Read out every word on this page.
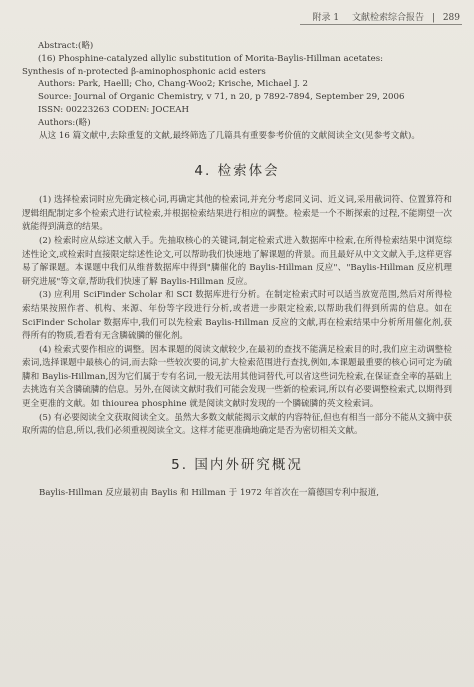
附录 1 文献检索综合报告 | 289
Abstract:(略)
(16) Phosphine-catalyzed allylic substitution of Morita-Baylis-Hillman acetates:
Synthesis of n-protected β-aminophosphonic acid esters
Authors: Park, Haelll; Cho, Chang-Woo2; Krische, Michael J. 2
Source: Journal of Organic Chemistry, v 71, n 20, p 7892-7894, September 29, 2006
ISSN: 00223263 CODEN: JOCEAH
Authors:(略)

从这 16 篇文献中,去除重复的文献,最终筛选了几篇具有重要参考价值的文献阅读全文(见参考文献)。

4. 检索体会

(1) 选择检索词时应先确定核心词,再确定其他的检索词,并充分考虑同义词、近义词,采用截词符、位置算符和逻辑组配制定多个检索式进行试检索,并根据检索结果进行相应的调整。检索是一个不断探索的过程,不能期望一次就能得到满意的结果。

(2) 检索时应从综述文献入手。先抽取核心的关键词,制定检索式进入数据库中检索,在所得检索结果中浏览综述性论文,或检索时直接限定综述性论文,可以帮助我们快速地了解课题的背景。而且最好从中文文献入手,这样更容易了解课题。本课题中我们从维普数据库中得到"膦催化的 Baylis-Hillman 反应"、"Baylis-Hillman 反应机理研究进展"等文章,帮助我们快速了解 Baylis-Hillman 反应。

(3) 应利用 SciFinder Scholar 和 SCI 数据库进行分析。在制定检索式时可以适当放宽范围,然后对所得检索结果按照作者、机构、来源、年份等字段进行分析,或者进一步限定检索,以帮助我们得到所需的信息。如在 SciFinder Scholar 数据库中,我们可以先检索 Baylis-Hillman 反应的文献,再在检索结果中分析所用催化剂,获得所有的物质,看看有无含膦硫膦的催化剂。

(4) 检索式要作相应的调整。因本课题的阅读文献较少,在最初的查找不能满足检索目的时,我们应主动调整检索词,选择课题中最核心的词,而去除一些较次要的词,扩大检索范围进行查找,例如,本课题最重要的核心词可定为硫膦和 Baylis-Hillman,因为它们属于专有名词,一般无法用其他词替代,可以省这些词先检索,在保证查全率的基础上去挑选有关含膦硫膦的信息。另外,在阅读文献时我们可能会发现一些新的检索词,所以有必要调整检索式,以期得到更全更准的文献。如 thiourea phosphine 就是阅读文献时发现的一个膦硫膦的英文检索词。

(5) 有必要阅读全文获取阅读全文。虽然大多数文献能揭示文献的内容特征,但也有相当一部分不能从文摘中获取所需的信息,所以,我们必须重视阅读全文。这样才能更准确地确定是否为密切相关文献。

5. 国内外研究概况

Baylis-Hillman 反应最初由 Baylis 和 Hillman 于 1972 年首次在一篇德国专利中报道,
